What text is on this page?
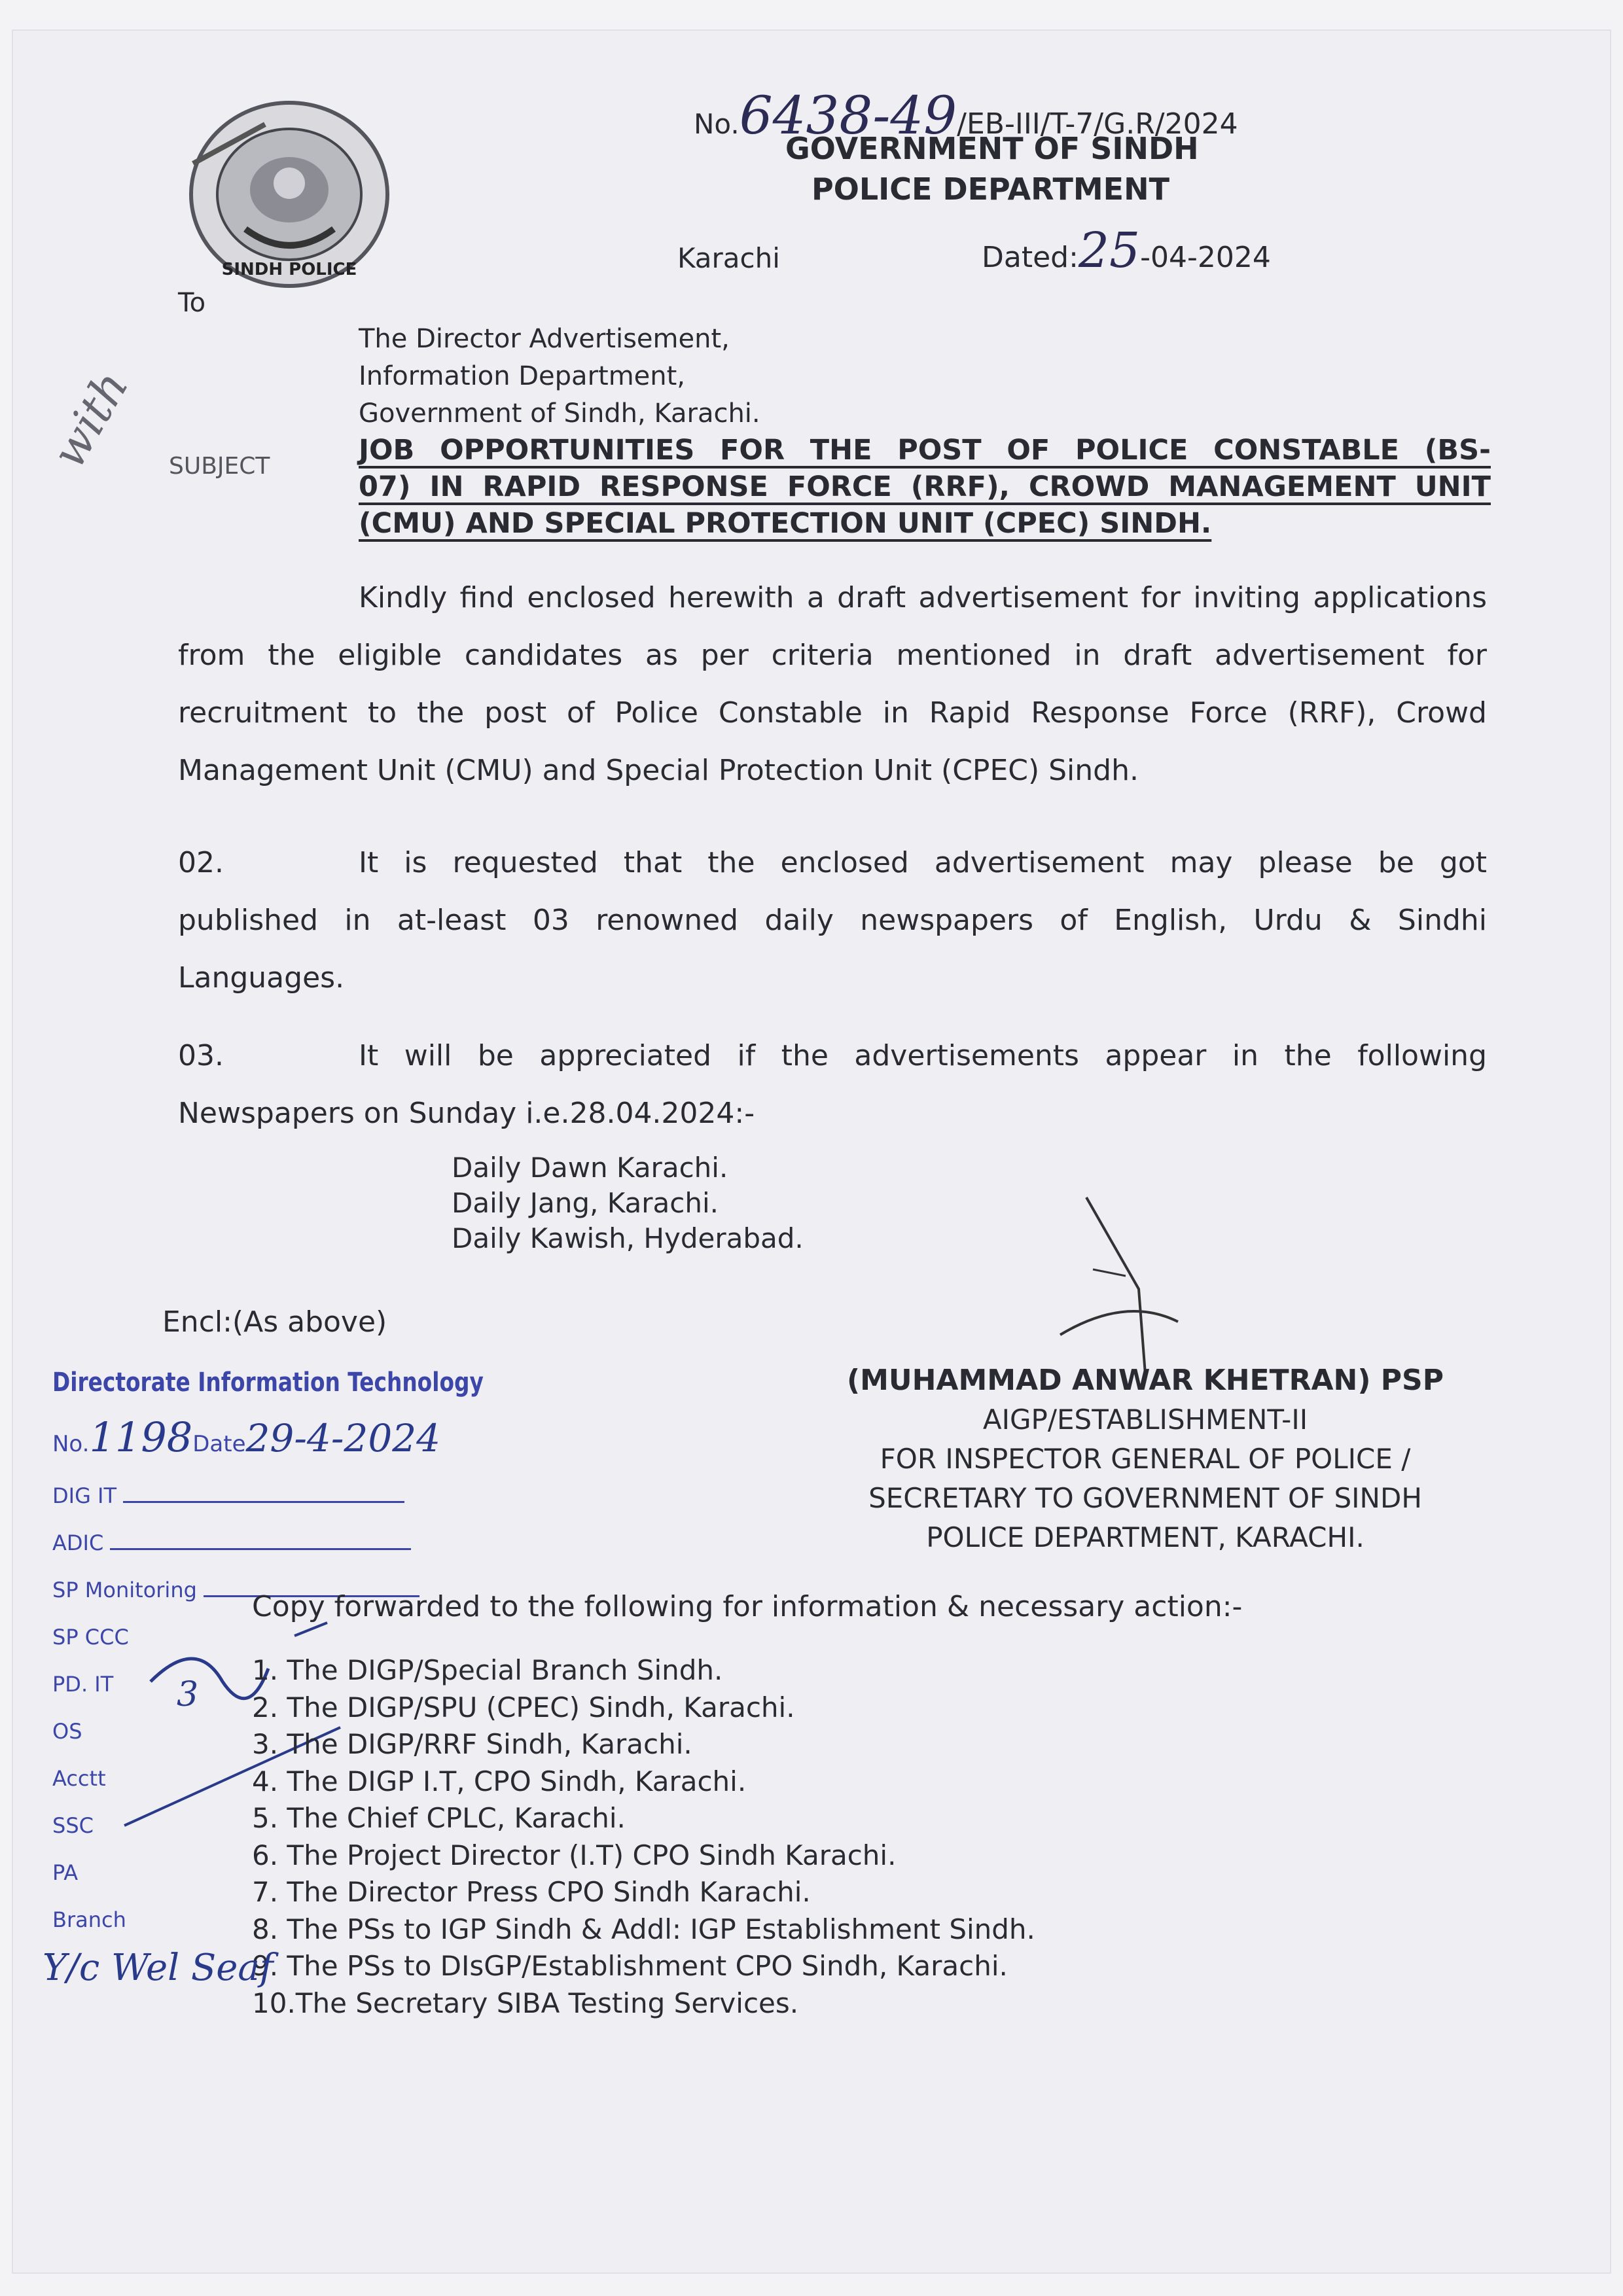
SINDH POLICE
No.6438-49/EB-III/T-7/G.R/2024
GOVERNMENT OF SINDH
POLICE DEPARTMENT
Karachi	Dated:25-04-2024
To
The Director Advertisement,
Information Department,
Government of Sindh, Karachi.
with SUBJECT	JOB OPPORTUNITIES FOR THE POST OF POLICE CONSTABLE (BS-
07) IN RAPID RESPONSE FORCE (RRF), CROWD MANAGEMENT UNIT
(CMU) AND SPECIAL PROTECTION UNIT (CPEC) SINDH.
Kindly find enclosed herewith a draft advertisement for inviting applications
from the eligible candidates as per criteria mentioned in draft advertisement for
recruitment to the post of Police Constable in Rapid Response Force (RRF), Crowd
Management Unit (CMU) and Special Protection Unit (CPEC) Sindh.
02.	It is requested that the enclosed advertisement may please be got
published in at-least 03 renowned daily newspapers of English, Urdu & Sindhi
Languages.
03.	It will be appreciated if the advertisements appear in the following
Newspapers on Sunday i.e.28.04.2024:-
Daily Dawn Karachi.
Daily Jang, Karachi.
Daily Kawish, Hyderabad.
Encl:(As above)
(MUHAMMAD ANWAR KHETRAN) PSP
AIGP/ESTABLISHMENT-II
FOR INSPECTOR GENERAL OF POLICE /
SECRETARY TO GOVERNMENT OF SINDH
POLICE DEPARTMENT, KARACHI.
Directorate Information Technology
No.1198Date29-4-2024
DIG IT
ADIC
SP Monitoring
SP CCC
PD. IT
OS
Acctt
SSC
PA
Branch
3
Copy forwarded to the following for information & necessary action:-
1. The DIGP/Special Branch Sindh.
2. The DIGP/SPU (CPEC) Sindh, Karachi.
3. The DIGP/RRF Sindh, Karachi.
4. The DIGP I.T, CPO Sindh, Karachi.
5. The Chief CPLC, Karachi.
6. The Project Director (I.T) CPO Sindh Karachi.
7. The Director Press CPO Sindh Karachi.
8. The PSs to IGP Sindh & Addl: IGP Establishment Sindh.
9. The PSs to DIsGP/Establishment CPO Sindh, Karachi.
10.The Secretary SIBA Testing Services.
Y/c Wel Seaf
